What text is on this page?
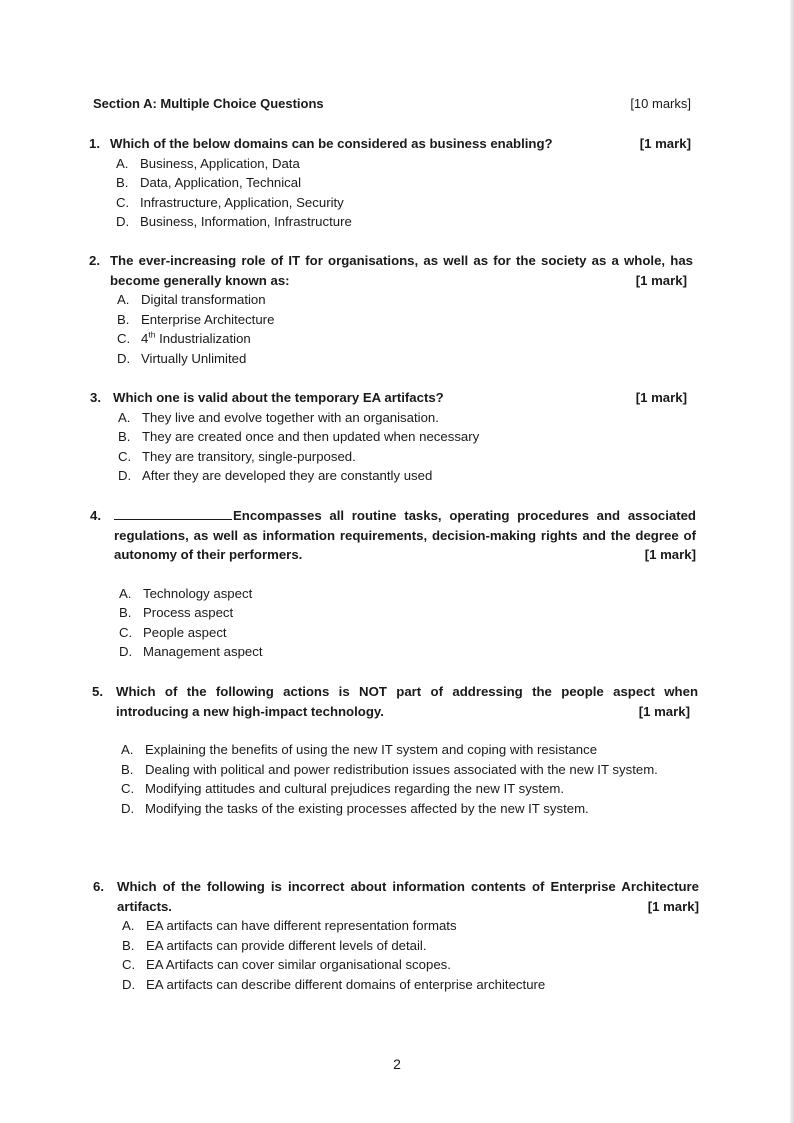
Section A: Multiple Choice Questions	[10 marks]
1. Which of the below domains can be considered as business enabling?	[1 mark]
A. Business, Application, Data
B. Data, Application, Technical
C. Infrastructure, Application, Security
D. Business, Information, Infrastructure
2. The ever-increasing role of IT for organisations, as well as for the society as a whole, has become generally known as:	[1 mark]
A. Digital transformation
B. Enterprise Architecture
C. 4th Industrialization
D. Virtually Unlimited
3. Which one is valid about the temporary EA artifacts?	[1 mark]
A. They live and evolve together with an organisation.
B. They are created once and then updated when necessary
C. They are transitory, single-purposed.
D. After they are developed they are constantly used
4.	Encompasses all routine tasks, operating procedures and associated regulations, as well as information requirements, decision-making rights and the degree of autonomy of their performers.	[1 mark]
A. Technology aspect
B. Process aspect
C. People aspect
D. Management aspect
5. Which of the following actions is NOT part of addressing the people aspect when introducing a new high-impact technology.	[1 mark]
A. Explaining the benefits of using the new IT system and coping with resistance
B. Dealing with political and power redistribution issues associated with the new IT system.
C. Modifying attitudes and cultural prejudices regarding the new IT system.
D. Modifying the tasks of the existing processes affected by the new IT system.
6. Which of the following is incorrect about information contents of Enterprise Architecture artifacts.	[1 mark]
A. EA artifacts can have different representation formats
B. EA artifacts can provide different levels of detail.
C. EA Artifacts can cover similar organisational scopes.
D. EA artifacts can describe different domains of enterprise architecture
2
